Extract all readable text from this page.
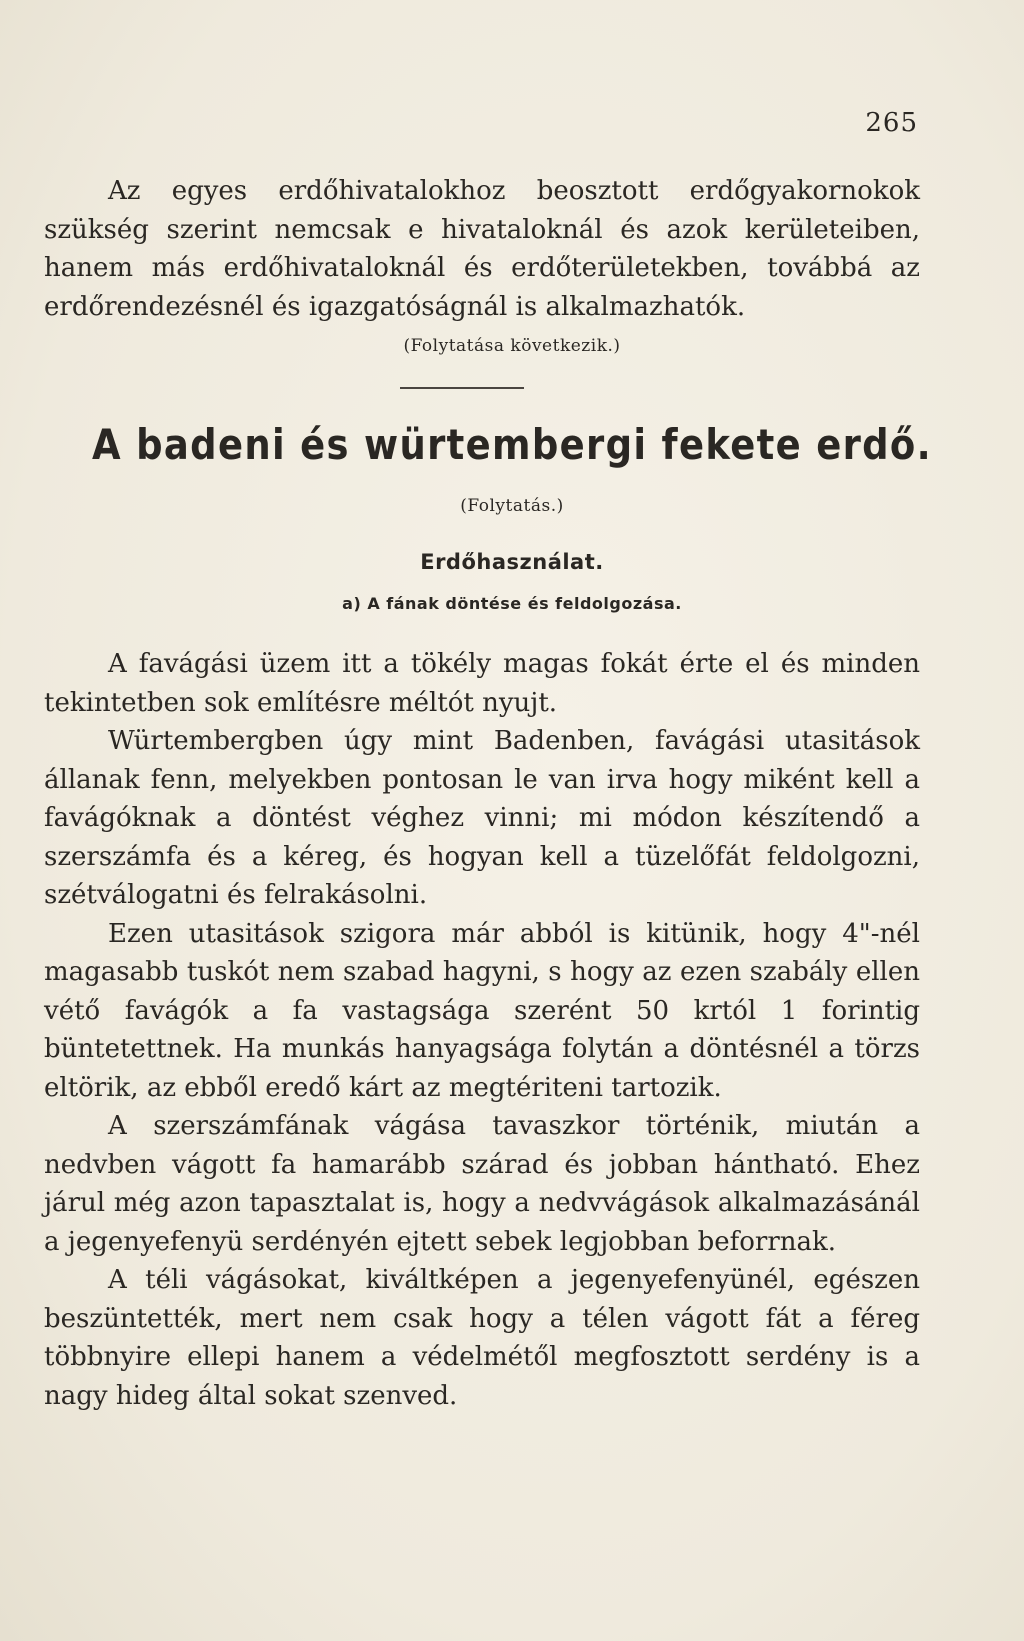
265

Az egyes erdőhivatalokhoz beosztott erdőgyakornokok szükség szerint nemcsak e hivataloknál és azok kerületeiben, hanem más erdőhivataloknál és erdőterületekben, továbbá az erdőrendezésnél és igazgatóságnál is alkalmazhatók.

(Folytatása következik.)
A badeni és würtembergi fekete erdő.
(Folytatás.)
Erdőhasználat.
a) A fának döntése és feldolgozása.

A favágási üzem itt a tökély magas fokát érte el és minden tekintetben sok említésre méltót nyujt.

Würtembergben úgy mint Badenben, favágási utasitások állanak fenn, melyekben pontosan le van irva hogy miként kell a favágóknak a döntést véghez vinni; mi módon készítendő a szerszámfa és a kéreg, és hogyan kell a tüzelőfát feldolgozni, szétválogatni és felrakásolni.

Ezen utasitások szigora már abból is kitünik, hogy 4"-nél magasabb tuskót nem szabad hagyni, s hogy az ezen szabály ellen vétő favágók a fa vastagsága szerént 50 krtól 1 forintig büntetettnek. Ha munkás hanyagsága folytán a döntésnél a törzs eltörik, az ebből eredő kárt az megtériteni tartozik.

A szerszámfának vágása tavaszkor történik, miután a nedvben vágott fa hamarább szárad és jobban hántható. Ehez járul még azon tapasztalat is, hogy a nedvvágások alkalmazásánál a jegenyefenyü serdényén ejtett sebek legjobban beforrnak.

A téli vágásokat, kiváltképen a jegenyefenyünél, egészen beszüntették, mert nem csak hogy a télen vágott fát a féreg többnyire ellepi hanem a védelmétől megfosztott serdény is a nagy hideg által sokat szenved.
